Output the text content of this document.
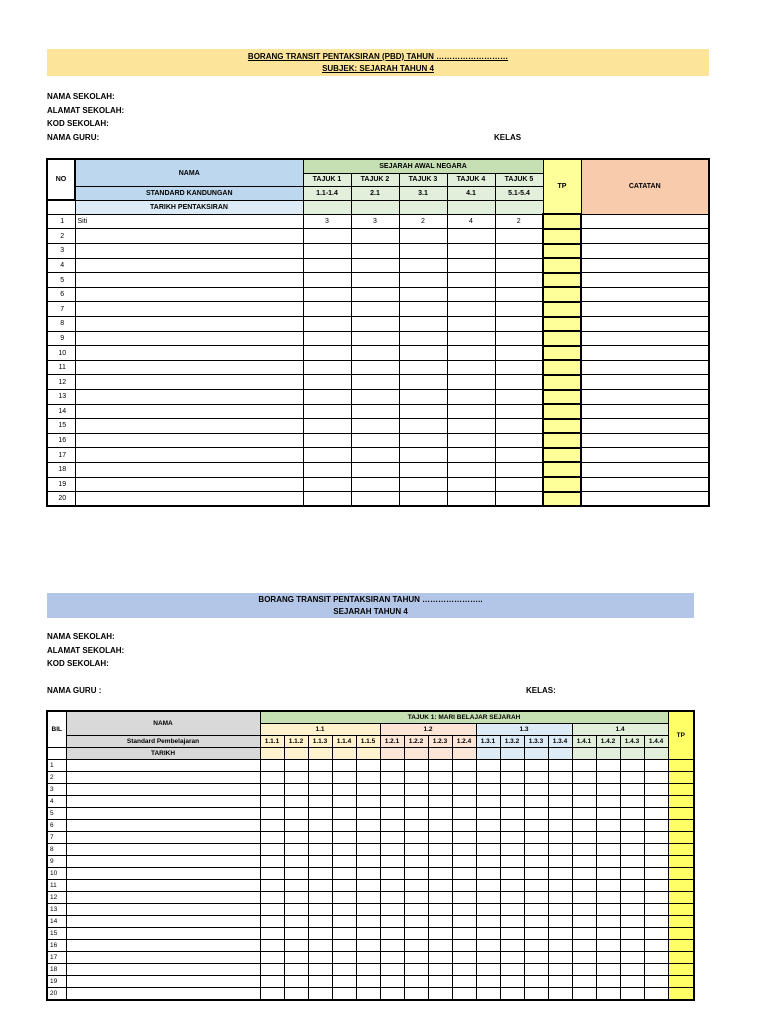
BORANG TRANSIT PENTAKSIRAN (PBD) TAHUN ………………………
SUBJEK: SEJARAH TAHUN 4
NAMA SEKOLAH:
ALAMAT SEKOLAH:
KOD SEKOLAH:
NAMA GURU:	KELAS
NO	NAMA	SEJARAH AWAL NEGARA					TP	CATATAN
		TAJUK 1	TAJUK 2	TAJUK 3	TAJUK 4	TAJUK 5		
	STANDARD KANDUNGAN	1.1-1.4	2.1	3.1	4.1	5.1-5.4		
	TARIKH PENTAKSIRAN							
1	Siti	3	3	2	4	2		
2								
3								
4								
5								
6								
7								
8								
9								
10								
11								
12								
13								
14								
15								
16								
17								
18								
19								
20								
BORANG TRANSIT PENTAKSIRAN TAHUN …………………..
SEJARAH TAHUN 4
NAMA SEKOLAH:
ALAMAT SEKOLAH:
KOD SEKOLAH:
NAMA GURU :	KELAS:
BIL	NAMA	TAJUK 1: MARI BELAJAR SEJARAH																	TP
		1.1					1.2				1.3				1.4				
	Standard Pembelajaran	1.1.1	1.1.2	1.1.3	1.1.4	1.1.5	1.2.1	1.2.2	1.2.3	1.2.4	1.3.1	1.3.2	1.3.3	1.3.4	1.4.1	1.4.2	1.4.3	1.4.4	
	TARIKH																		
1																			
2																			
3																			
4																			
5																			
6																			
7																			
8																			
9																			
10																			
11																			
12																			
13																			
14																			
15																			
16																			
17																			
18																			
19																			
20																			
